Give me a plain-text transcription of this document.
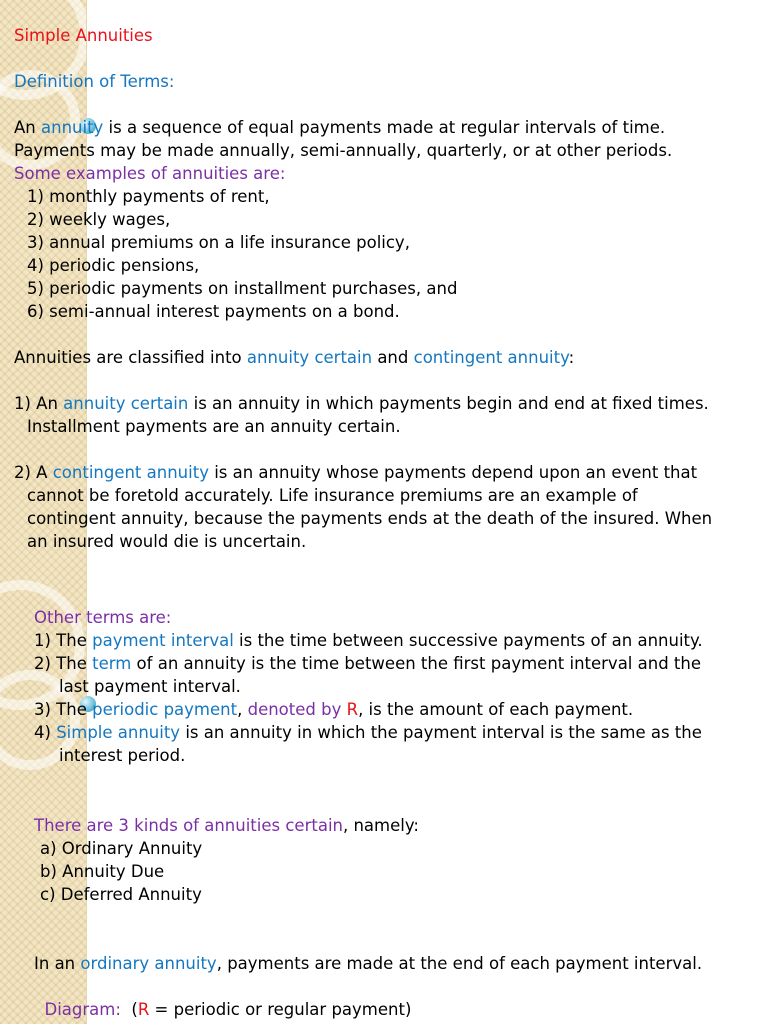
Simple Annuities
Definition of Terms:
An annuity is a sequence of equal payments made at regular intervals of time.
Payments may be made annually, semi-annually, quarterly, or at other periods.
Some examples of annuities are:
1) monthly payments of rent,
2) weekly wages,
3) annual premiums on a life insurance policy,
4) periodic pensions,
5) periodic payments on installment purchases, and
6) semi-annual interest payments on a bond.
Annuities are classified into annuity certain and contingent annuity:
1) An annuity certain is an annuity in which payments begin and end at fixed times.
Installment payments are an annuity certain.
2) A contingent annuity is an annuity whose payments depend upon an event that
cannot be foretold accurately. Life insurance premiums are an example of
contingent annuity, because the payments ends at the death of the insured. When
an insured would die is uncertain.
Other terms are:
1) The payment interval is the time between successive payments of an annuity.
2) The term of an annuity is the time between the first payment interval and the
last payment interval.
3) The periodic payment, denoted by R, is the amount of each payment.
4) Simple annuity is an annuity in which the payment interval is the same as the
interest period.
There are 3 kinds of annuities certain, namely:
a) Ordinary Annuity
b) Annuity Due
c) Deferred Annuity
In an ordinary annuity, payments are made at the end of each payment interval.

Diagram:  (R = periodic or regular payment)
